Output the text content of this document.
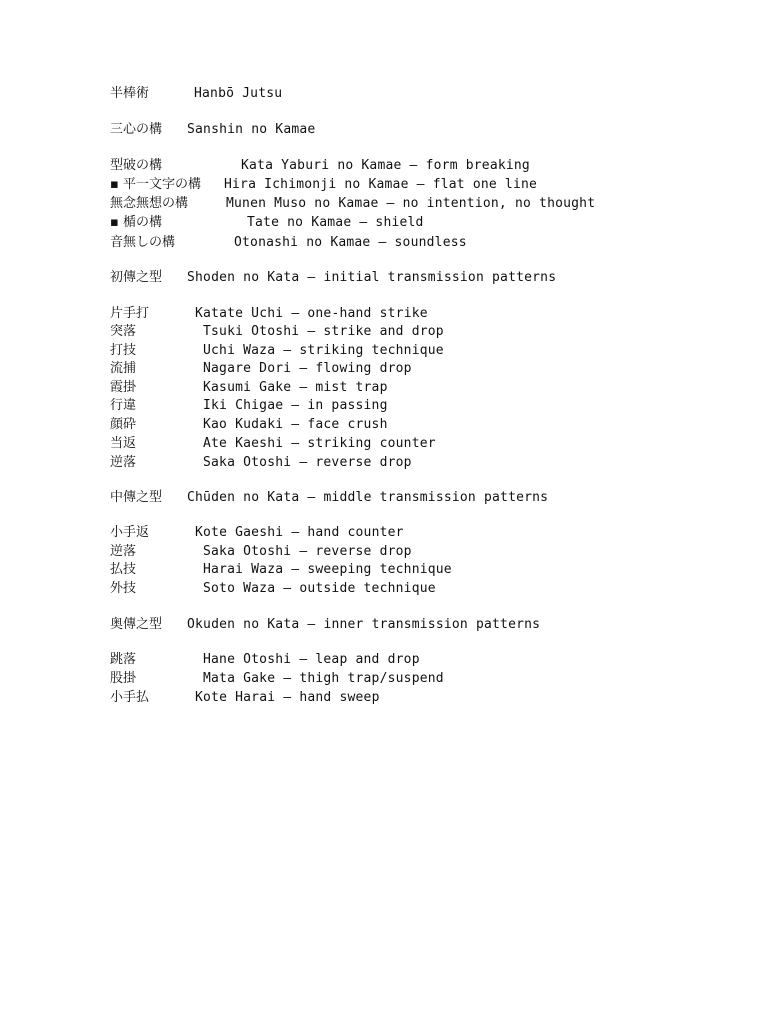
半棒術	Hanbō Jutsu
三心の構 Sanshin no Kamae
型破の構	Kata Yaburi no Kamae — form breaking
▪ 平一文字の構 Hira Ichimonji no Kamae — flat one line
無念無想の構	Munen Muso no Kamae — no intention, no thought
▪ 楯の構	Tate no Kamae — shield
音無しの構	Otonashi no Kamae — soundless
初傳之型 Shoden no Kata — initial transmission patterns
片手打	Katate Uchi — one-hand strike
突落	Tsuki Otoshi — strike and drop
打技	Uchi Waza — striking technique
流捕	Nagare Dori — flowing drop
霞掛	Kasumi Gake — mist trap
行違	Iki Chigae — in passing
顔砕	Kao Kudaki — face crush
当返	Ate Kaeshi — striking counter
逆落	Saka Otoshi — reverse drop
中傳之型 Chūden no Kata — middle transmission patterns
小手返	Kote Gaeshi — hand counter
逆落	Saka Otoshi — reverse drop
払技	Harai Waza — sweeping technique
外技	Soto Waza — outside technique
奥傳之型 Okuden no Kata — inner transmission patterns
跳落	Hane Otoshi — leap and drop
股掛	Mata Gake — thigh trap/suspend
小手払	Kote Harai — hand sweep
